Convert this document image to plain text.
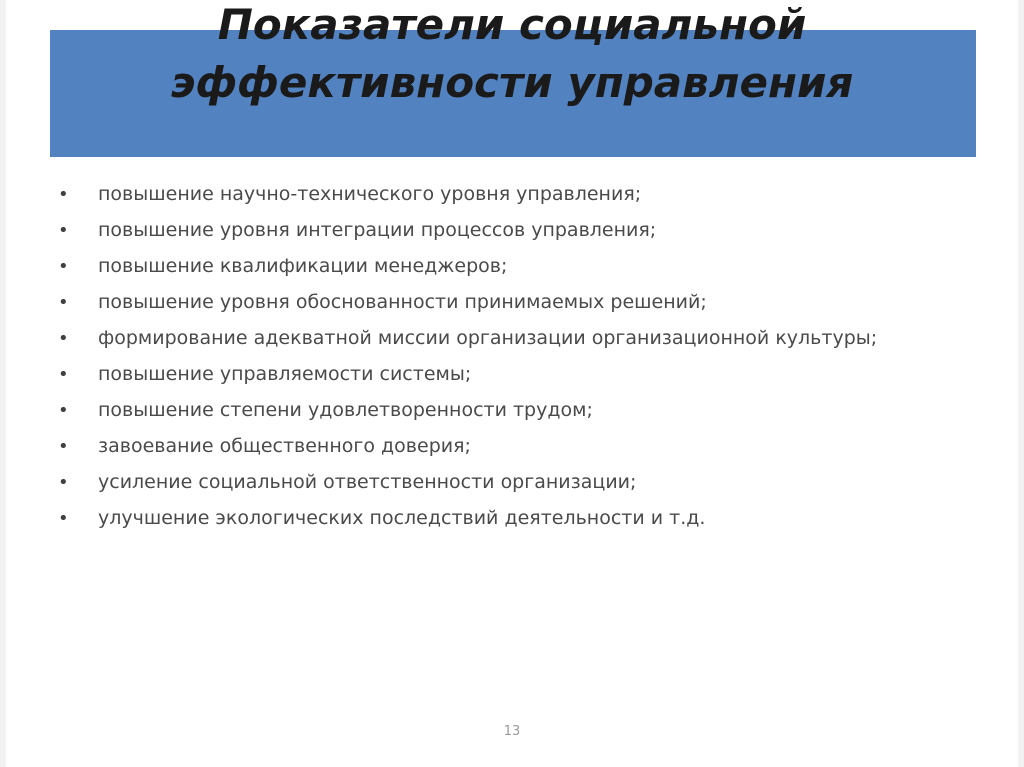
Показатели социальной
эффективности управления
• повышение научно-технического уровня управления;
• повышение уровня интеграции процессов управления;
• повышение квалификации менеджеров;
• повышение уровня обоснованности принимаемых решений;
• формирование адекватной миссии организации организационной культуры;
• повышение управляемости системы;
• повышение степени удовлетворенности трудом;
• завоевание общественного доверия;
• усиление социальной ответственности организации;
• улучшение экологических последствий деятельности и т.д.
13
